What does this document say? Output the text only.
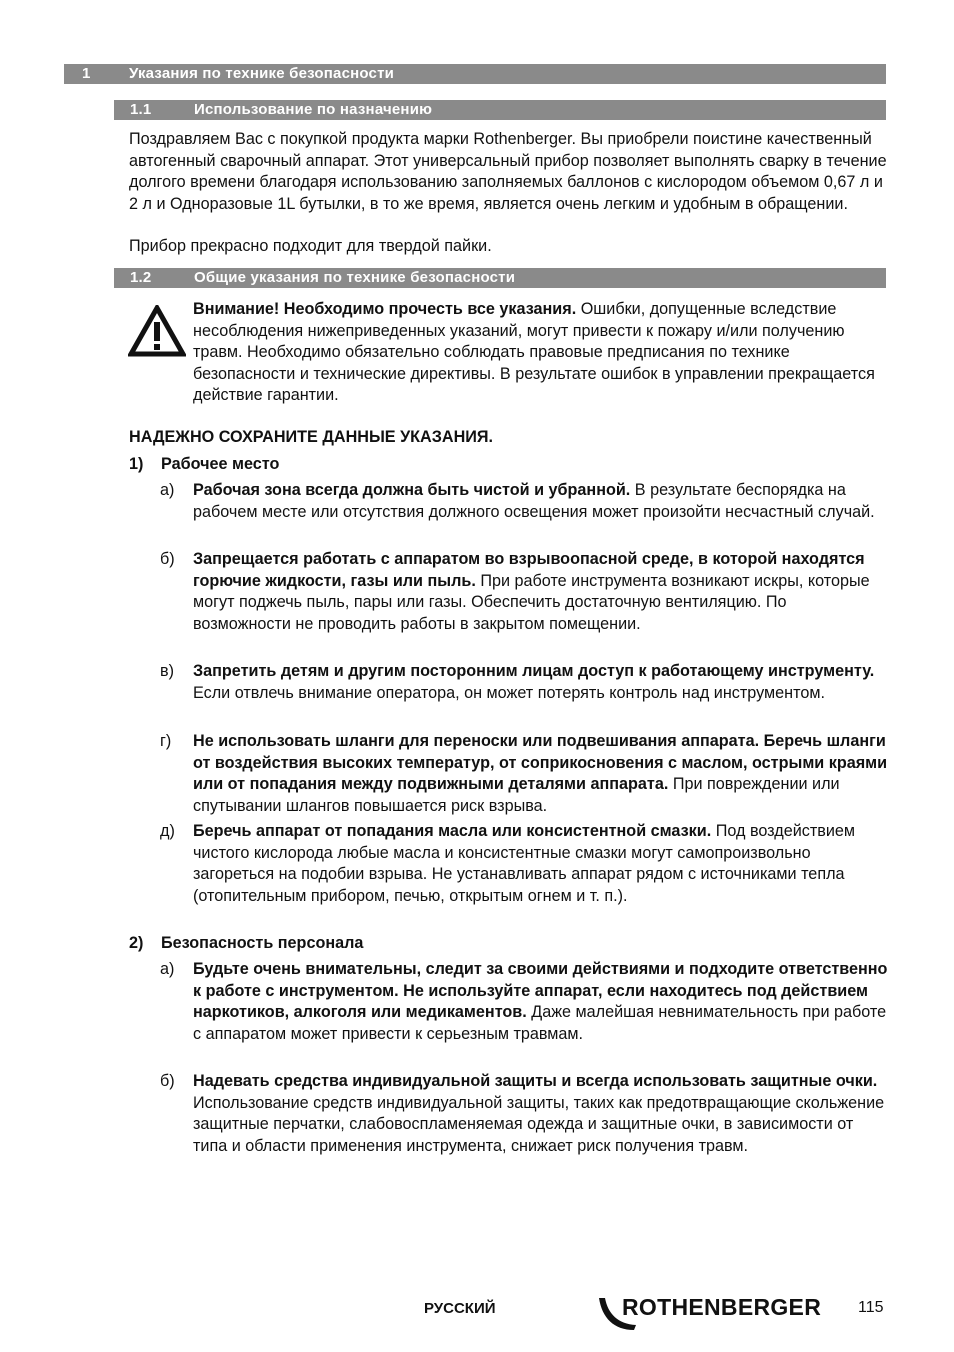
1	Указания по технике безопасности
1.1	Использование по назначению

Поздравляем Вас с покупкой продукта марки Rothenberger. Вы приобрели поистине качественный автогенный сварочный аппарат. Этот универсальный прибор позволяет выполнять сварку в течение долгого времени благодаря использованию заполняемых баллонов с кислородом объемом 0,67 л и 2 л и Одноразовые 1L бутылки, в то же время, является очень легким и удобным в обращении.

Прибор прекрасно подходит для твердой пайки.

1.2	Общие указания по технике безопасности

Внимание! Необходимо прочесть все указания. Ошибки, допущенные вследствие несоблюдения нижеприведенных указаний, могут привести к пожару и/или получению травм. Необходимо обязательно соблюдать правовые предписания по технике безопасности и технические директивы. В результате ошибок в управлении прекращается действие гарантии.

НАДЕЖНО СОХРАНИТЕ ДАННЫЕ УКАЗАНИЯ.
1) Рабочее место
а) Рабочая зона всегда должна быть чистой и убранной. В результате беспорядка на рабочем месте или отсутствия должного освещения может произойти несчастный случай.
б) Запрещается работать с аппаратом во взрывоопасной среде, в которой находятся горючие жидкости, газы или пыль. При работе инструмента возникают искры, которые могут поджечь пыль, пары или газы. Обеспечить достаточную вентиляцию. По возможности не проводить работы в закрытом помещении.
в) Запретить детям и другим посторонним лицам доступ к работающему инструменту. Если отвлечь внимание оператора, он может потерять контроль над инструментом.
г) Не использовать шланги для переноски или подвешивания аппарата. Беречь шланги от воздействия высоких температур, от соприкосновения с маслом, острыми краями или от попадания между подвижными деталями аппарата. При повреждении или спутывании шлангов повышается риск взрыва.
д) Беречь аппарат от попадания масла или консистентной смазки. Под воздействием чистого кислорода любые масла и консистентные смазки могут самопроизвольно загореться на подобии взрыва. Не устанавливать аппарат рядом с источниками тепла (отопительным прибором, печью, открытым огнем и т. п.).
2) Безопасность персонала
а) Будьте очень внимательны, следит за своими действиями и подходите ответственно к работе с инструментом. Не используйте аппарат, если находитесь под действием наркотиков, алкоголя или медикаментов. Даже малейшая невнимательность при работе с аппаратом может привести к серьезным травмам.
б) Надевать средства индивидуальной защиты и всегда использовать защитные очки. Использование средств индивидуальной защиты, таких как предотвращающие скольжение защитные перчатки, слабовоспламеняемая одежда и защитные очки, в зависимости от типа и области применения инструмента, снижает риск получения травм.
РУССКИЙ	ROTHENBERGER 115
